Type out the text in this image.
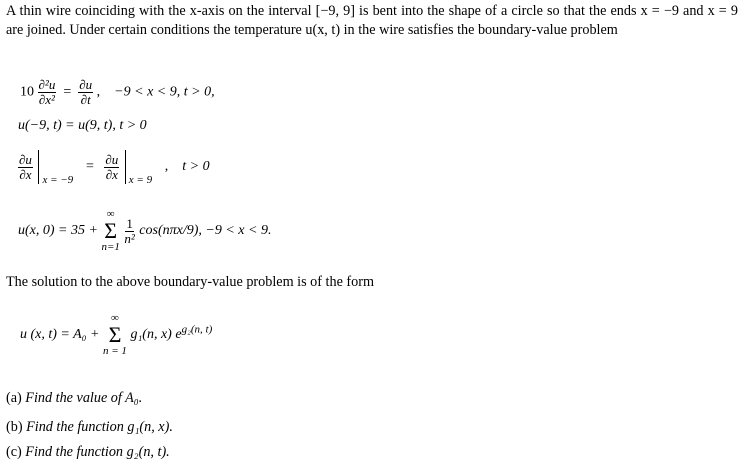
A thin wire coinciding with the x-axis on the interval [−9, 9] is bent into the shape of a circle so that the ends x = −9 and x = 9 are joined. Under certain conditions the temperature u(x, t) in the wire satisfies the boundary-value problem
$10 \frac{\text{∂²u}}{\text{∂x²}} = \frac{\partial u}{\partial t}$ ,    −9 < x < 9, t > 0,
u(−9, t) = u(9, t), t > 0
$\frac{\partial u}{\partial x}$
x = −9
= $\frac{\partial u}{\partial x}$
x = 9
,    t > 0
u(x, 0) = 35 +
∞
Σ
n=1

$\frac{1}{\text{n²}} \cos(n\pi x/9)$, −9 < x < 9.
The solution to the above boundary-value problem is of the form
u (x, t) = A₀ +
∞
Σ
n = 1
g₁(n, x) $e^{g_2(n, t)}$
(a) Find the value of A₀.
(b) Find the function g₁(n, x).
(c) Find the function g₂(n, t).
